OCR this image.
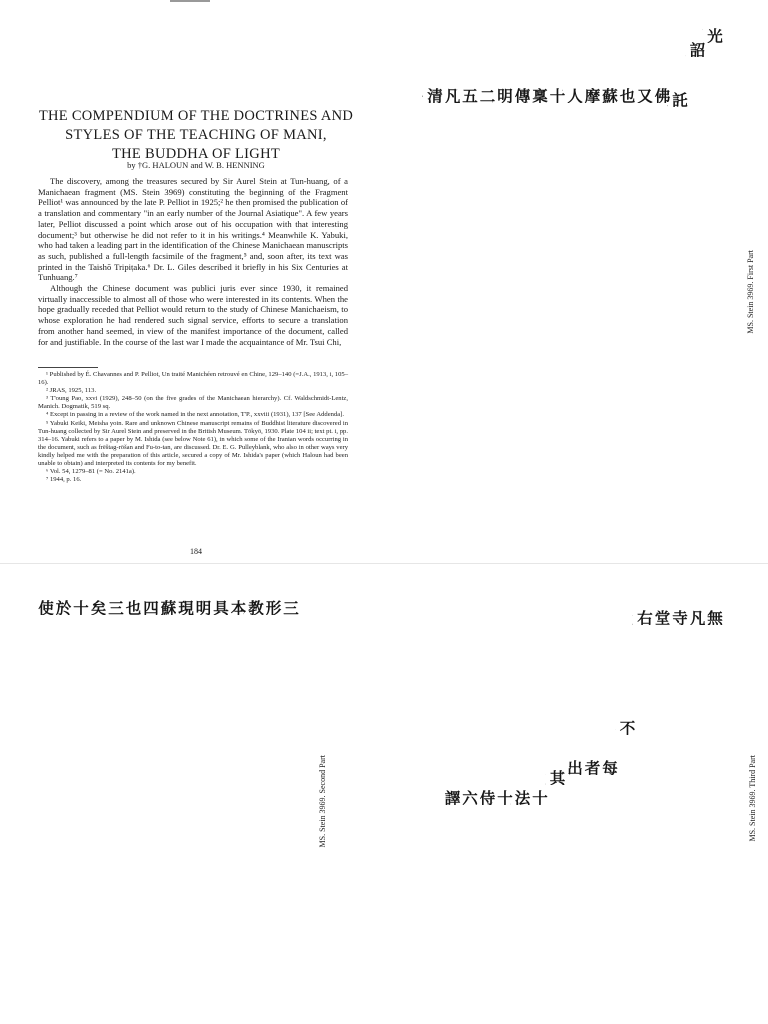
THE COMPENDIUM OF THE DOCTRINES AND
STYLES OF THE TEACHING OF MANI,
THE BUDDHA OF LIGHT
by †G. HALOUN and W. B. HENNING

The discovery, among the treasures secured by Sir Aurel Stein at Tun-huang, of a Manichaean fragment (MS. Stein 3969) constituting the beginning of the Fragment Pelliot¹ was announced by the late P. Pelliot in 1925;² he then promised the publication of a translation and commentary "in an early number of the Journal Asiatique". A few years later, Pelliot discussed a point which arose out of his occupation with that interesting document;³ but otherwise he did not refer to it in his writings.⁴ Meanwhile K. Yabuki, who had taken a leading part in the identification of the Chinese Manichaean manuscripts as such, published a full-length facsimile of the fragment,⁵ and, soon after, its text was printed in the Taishō Tripiṭaka.⁶ Dr. L. Giles described it briefly in his Six Centuries at Tunhuang.⁷

Although the Chinese document was publici juris ever since 1930, it remained virtually inaccessible to almost all of those who were interested in its contents. When the hope gradually receded that Pelliot would return to the study of Chinese Manichaeism, to whose exploration he had rendered such signal service, efforts to secure a translation from another hand seemed, in view of the manifest importance of the document, called for and justifiable. In the course of the last war I made the acquaintance of Mr. Tsui Chi,

¹ Published by É. Chavannes and P. Pelliot, Un traité Manichéen retrouvé en Chine, 129–140 (=J.A., 1913, i, 105–16).
² JRAS, 1925, 113.
³ T'oung Pao, xxvi (1929), 248–50 (on the five grades of the Manichaean hierarchy). Cf. Waldschmidt-Lentz, Manich. Dogmatik, 519 sq.
⁴ Except in passing in a review of the work named in the next annotation, T'P., xxviii (1931), 137 [See Addenda].
⁵ Yabuki Keiki, Meisha yoin. Rare and unknown Chinese manuscript remains of Buddhist literature discovered in Tun-huang collected by Sir Aurel Stein and preserved in the British Museum. Tōkyō, 1930. Plate 104 ii; text pt. i, pp. 314–16. Yabuki refers to a paper by M. Ishida (see below Note 61), in which some of the Iranian words occurring in the document, such as frēštag-rōšan and Fu-to-tan, are discussed. Dr. E. G. Pulleyblank, who also in other ways very kindly helped me with the preparation of this article, secured a copy of Mr. Ishida's paper (which Haloun had been unable to obtain) and interpreted its contents for my benefit.
⁶ Vol. 54, 1279–81 (= No. 2141a).
⁷ 1944, p. 16.
184
光
詔
託
佛
又
也
蘇
摩
人
十
稟
傳
明
二
五
凡
清
MS. Stein 3969. First Part
三
形
教
本
具
明
現
蘇
四
也
三
矣
十
於
使
MS. Stein 3969. Second Part
無
凡
寺
堂
右
不
每
者
出
其
十
法
十
侍
六
譯	MS. Stein 3969. Third Part
